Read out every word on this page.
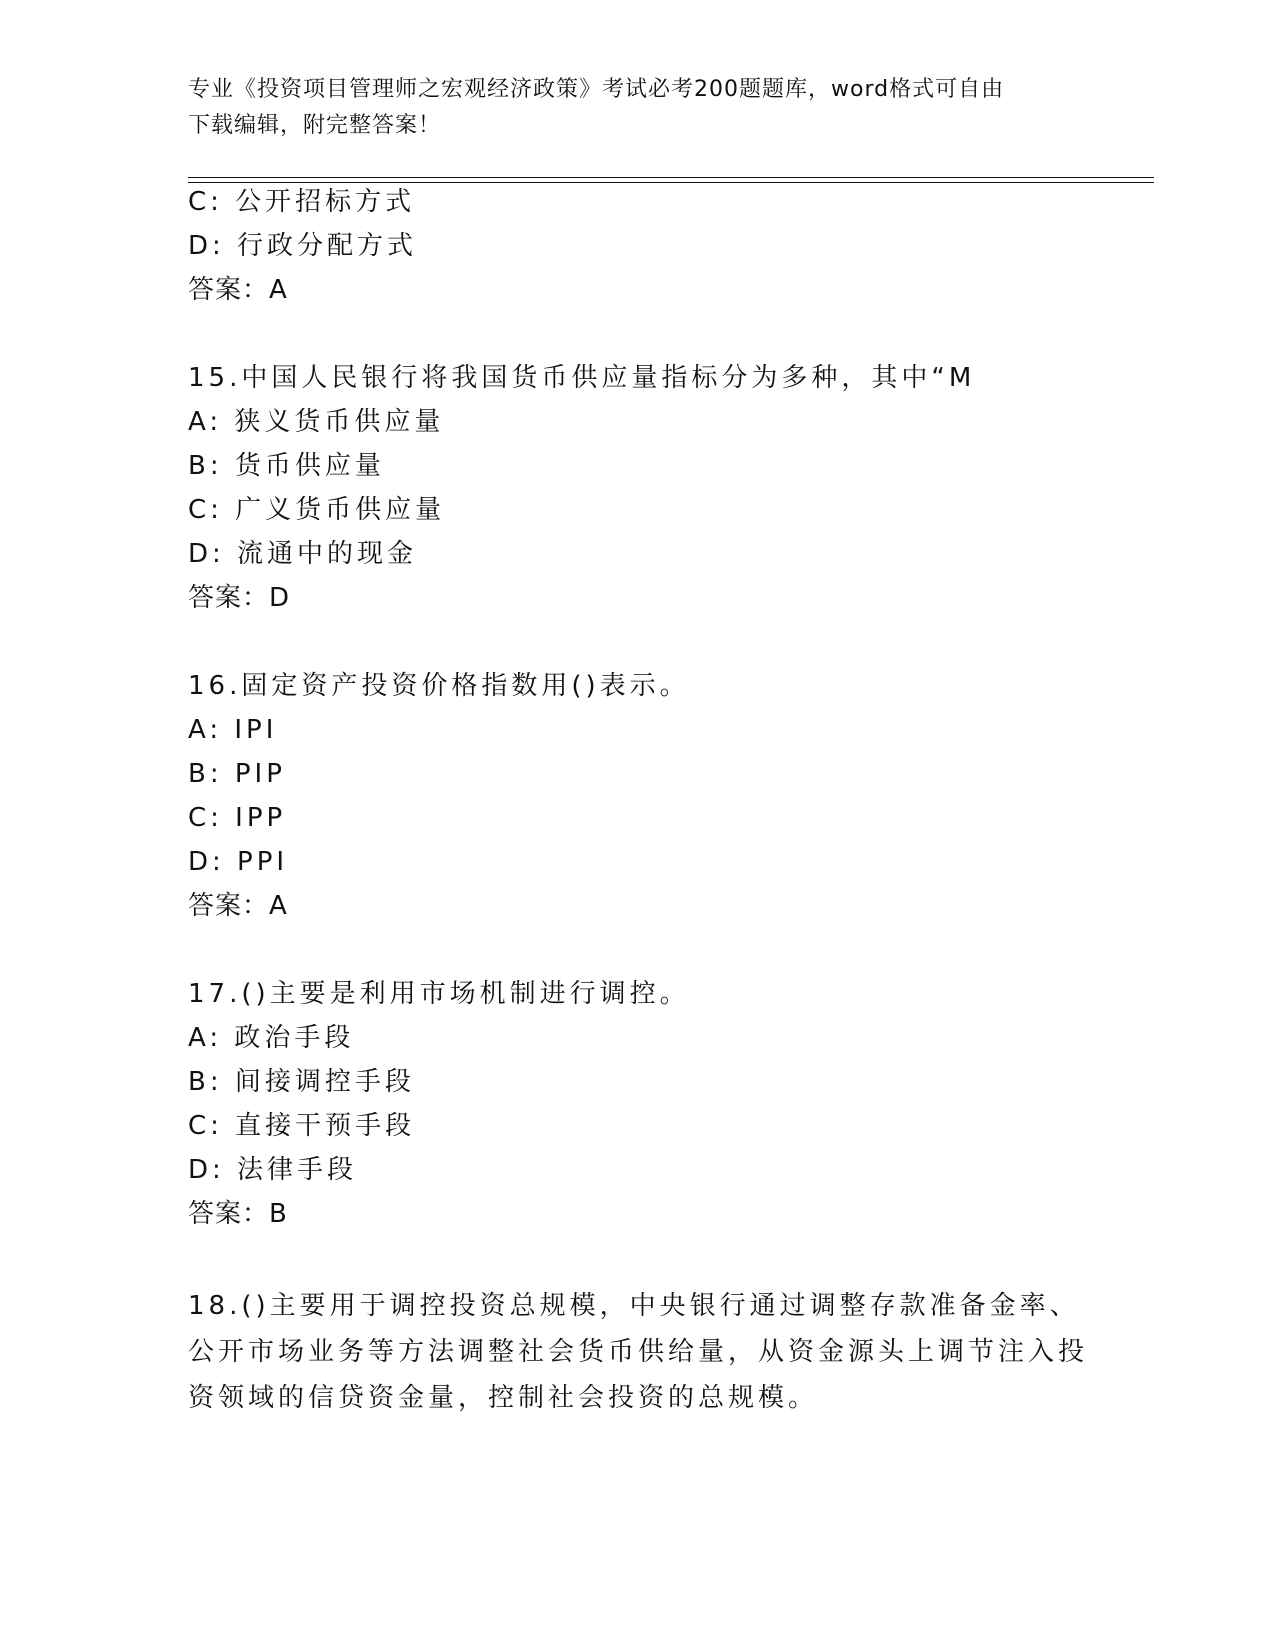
专业《投资项目管理师之宏观经济政策》考试必考200题题库，word格式可自由
下载编辑，附完整答案！
C: 公开招标方式
D: 行政分配方式
答案：A
15.中国人民银行将我国货币供应量指标分为多种，其中“M
A: 狭义货币供应量
B: 货币供应量
C: 广义货币供应量
D: 流通中的现金
答案：D
16.固定资产投资价格指数用()表示。
A: IPI
B: PIP
C: IPP
D: PPI
答案：A
17.()主要是利用市场机制进行调控。
A: 政治手段
B: 间接调控手段
C: 直接干预手段
D: 法律手段
答案：B
18.()主要用于调控投资总规模，中央银行通过调整存款准备金率、公开市场业务等方法调整社会货币供给量，从资金源头上调节注入投资领域的信贷资金量，控制社会投资的总规模。
